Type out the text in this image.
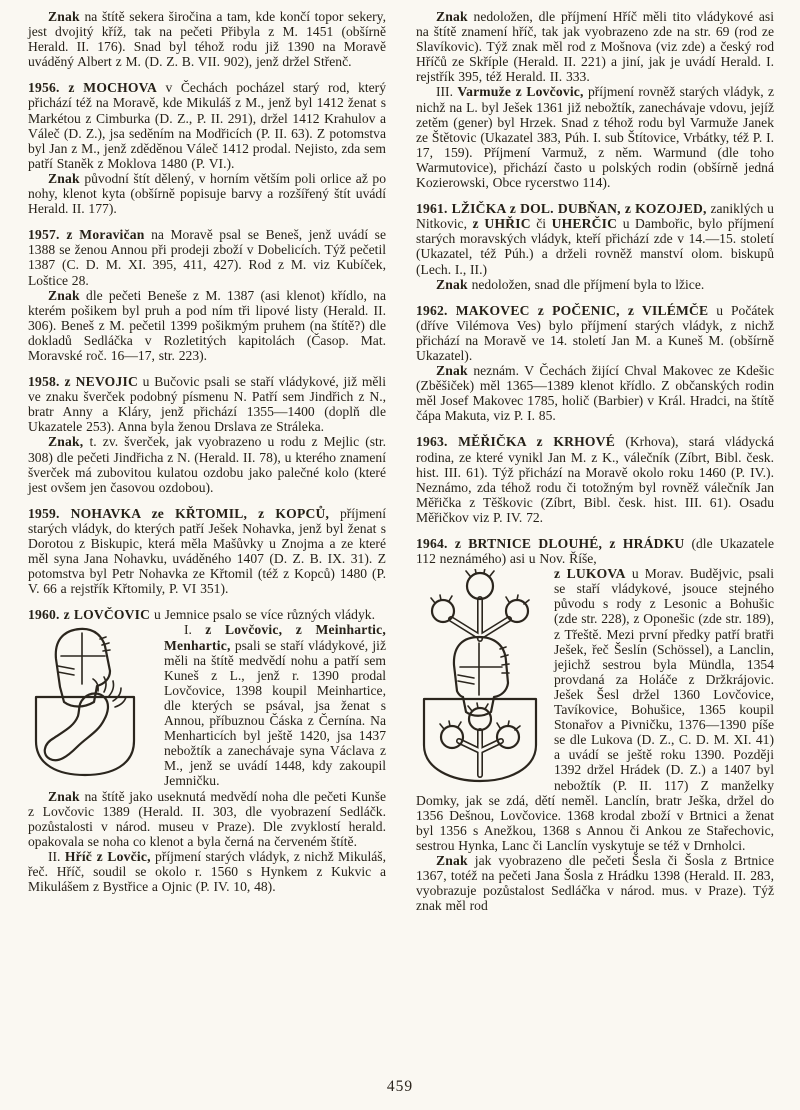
Znak na štítě sekera širočina a tam, kde končí topor sekery, jest dvojitý kříž, tak na pečeti Přibyla z M. 1451 (obšírně Herald. II. 176). Snad byl téhož rodu již 1390 na Moravě uváděný Albert z M. (D. Z. B. VII. 902), jenž držel Střenč.

1956. z MOCHOVA v Čechách pocházel starý rod, který přichází též na Moravě, kde Mikuláš z M., jenž byl 1412 ženat s Markétou z Cimburka (D. Z., P. II. 291), držel 1412 Krahulov a Váleč (D. Z.), jsa seděním na Modřicích (P. II. 63). Z potomstva byl Jan z M., jenž zděděnou Váleč 1412 prodal. Nejisto, zda sem patří Staněk z Moklova 1480 (P. VI.).

Znak původní štít dělený, v horním větším poli orlice až po nohy, klenot kyta (obšírně popisuje barvy a rozšířený štít uvádí Herald. II. 177).

1957. z Moravičan na Moravě psal se Beneš, jenž uvádí se 1388 se ženou Annou při prodeji zboží v Dobelicích. Týž pečetil 1387 (C. D. M. XI. 395, 411, 427). Rod z M. viz Kubíček, Loštice 28.

Znak dle pečeti Beneše z M. 1387 (asi klenot) křídlo, na kterém pošikem byl pruh a pod ním tři lipové listy (Herald. II. 306). Beneš z M. pečetil 1399 pošikmým pruhem (na štítě?) dle dokladů Sedláčka v Rozletitých kapitolách (Časop. Mat. Moravské roč. 16—17, str. 223).

1958. z NEVOJIC u Bučovic psali se staří vládykové, již měli ve znaku šverček podobný písmenu N. Patří sem Jindřich z N., bratr Anny a Kláry, jenž přichází 1355—1400 (doplň dle Ukazatele 253). Anna byla ženou Drslava ze Stráleka.

Znak, t. zv. šverček, jak vyobrazeno u rodu z Mejlic (str. 308) dle pečeti Jindřicha z N. (Herald. II. 78), u kterého znamení šverček má zubovitou kulatou ozdobu jako palečné kolo (které jest ovšem jen časovou ozdobou).

1959. NOHAVKA ze KŘTOMIL, z KOPCŮ, příjmení starých vládyk, do kterých patří Ješek Nohavka, jenž byl ženat s Dorotou z Biskupic, která měla Mašůvky u Znojma a ze které měl syna Jana Nohavku, uváděného 1407 (D. Z. B. IX. 31). Z potomstva byl Petr Nohavka ze Křtomil (též z Kopců) 1480 (P. V. 66 a rejstřík Křtomily, P. VI 351).

1960. z LOVČOVIC u Jemnice psalo se více různých vládyk.

I. z Lovčovic, z Meinhartic, Menhartic, psali se staří vládykové, již měli na štítě medvědí nohu a patří sem Kuneš z L., jenž r. 1390 prodal Lovčovice, 1398 koupil Meinhartice, dle kterých se psával, jsa ženat s Annou, příbuznou Čáska z Černína. Na Menharticích byl ještě 1420, jsa 1437 nebožtík a zanechávaje syna Václava z M., jenž se uvádí 1448, kdy zakoupil Jemničku.

Znak na štítě jako useknutá medvědí noha dle pečeti Kunše z Lovčovic 1389 (Herald. II. 303, dle vyobrazení Sedláčk. pozůstalosti v národ. museu v Praze). Dle zvyklostí herald. opakovala se noha co klenot a byla černá na červeném štítě.

II. Hříč z Lovčic, příjmení starých vládyk, z nichž Mikuláš, řeč. Hříč, soudil se okolo r. 1560 s Hynkem z Kukvic a Mikulášem z Bystřice a Ojnic (P. IV. 10, 48).

Znak nedoložen, dle příjmení Hříč měli tito vládykové asi na štítě znamení hříč, tak jak vyobrazeno zde na str. 69 (rod ze Slavíkovic). Týž znak měl rod z Mošnova (viz zde) a český rod Hříčů ze Skříple (Herald. II. 221) a jiní, jak je uvádí Herald. I. rejstřík 395, též Herald. II. 333.

III. Varmuže z Lovčovic, příjmení rovněž starých vládyk, z nichž na L. byl Ješek 1361 již nebožtík, zanechávaje vdovu, jejíž zetěm (gener) byl Hrzek. Snad z téhož rodu byl Varmuže Janek ze Štětovic (Ukazatel 383, Púh. I. sub Štítovice, Vrbátky, též P. I. 17, 159). Příjmení Varmuž, z něm. Warmund (dle toho Warmutovice), přichází často u polských rodin (obšírně jedná Kozierowski, Obce rycerstwo 114).

1961. LŽIČKA z DOL. DUBŇAN, z KOZOJED, zaniklých u Nitkovic, z UHŘIC či UHERČIC u Dambořic, bylo příjmení starých moravských vládyk, kteří přichází zde v 14.—15. století (Ukazatel, též Púh.) a drželi rovněž manství olom. biskupů (Lech. I., II.)

Znak nedoložen, snad dle příjmení byla to lžice.

1962. MAKOVEC z POČENIC, z VILÉMČE u Počátek (dříve Vilémova Ves) bylo příjmení starých vládyk, z nichž přichází na Moravě ve 14. století Jan M. a Kuneš M. (obšírně Ukazatel).

Znak neznám. V Čechách žijící Chval Makovec ze Kdešic (Zběšiček) měl 1365—1389 klenot křídlo. Z občanských rodin měl Josef Makovec 1785, holič (Barbier) v Král. Hradci, na štítě čápa Makuta, viz P. I. 85.

1963. MĚŘIČKA z KRHOVÉ (Krhova), stará vládycká rodina, ze které vynikl Jan M. z K., válečník (Zíbrt, Bibl. česk. hist. III. 61). Týž přichází na Moravě okolo roku 1460 (P. IV.). Neznámo, zda téhož rodu či totožným byl rovněž válečník Jan Měřička z Těškovic (Zíbrt, Bibl. česk. hist. III. 61). Osadu Měřičkov viz P. IV. 72.

1964. z BRTNICE DLOUHÉ, z HRÁDKU (dle Ukazatele 112 neznámého) asi u Nov. Říše,

z LUKOVA u Morav. Budějvic, psali se staří vládykové, jsouce stejného původu s rody z Lesonic a Bohušic (zde str. 228), z Oponešic (zde str. 189), z Třeště. Mezi první předky patří bratři Ješek, řeč Šeslín (Schössel), a Lanclin, jejichž sestrou byla Mündla, 1354 provdaná za Holáče z Držkrájovic. Ješek Šesl držel 1360 Lovčovice, Tavíkovice, Bohušice, 1365 koupil Stonařov a Pivničku, 1376—1390 píše se dle Lukova (D. Z., C. D. M. XI. 41) a uvádí se ještě roku 1390. Později 1392 držel Hrádek (D. Z.) a 1407 byl nebožtík (P. II. 117) Z manželky Domky, jak se zdá, dětí neměl. Lanclín, bratr Ješka, držel do 1356 Dešnou, Lovčovice. 1368 krodal zboží v Brtnici a ženat byl 1356 s Anežkou, 1368 s Annou či Ankou ze Stařechovic, sestrou Hynka, Lanc či Lanclín vyskytuje se též v Drnholci.

Znak jak vyobrazeno dle pečeti Šesla či Šosla z Brtnice 1367, totéž na pečeti Jana Šosla z Hrádku 1398 (Herald. II. 283, vyobrazuje pozůstalost Sedláčka v národ. mus. v Praze). Týž znak měl rod

459
